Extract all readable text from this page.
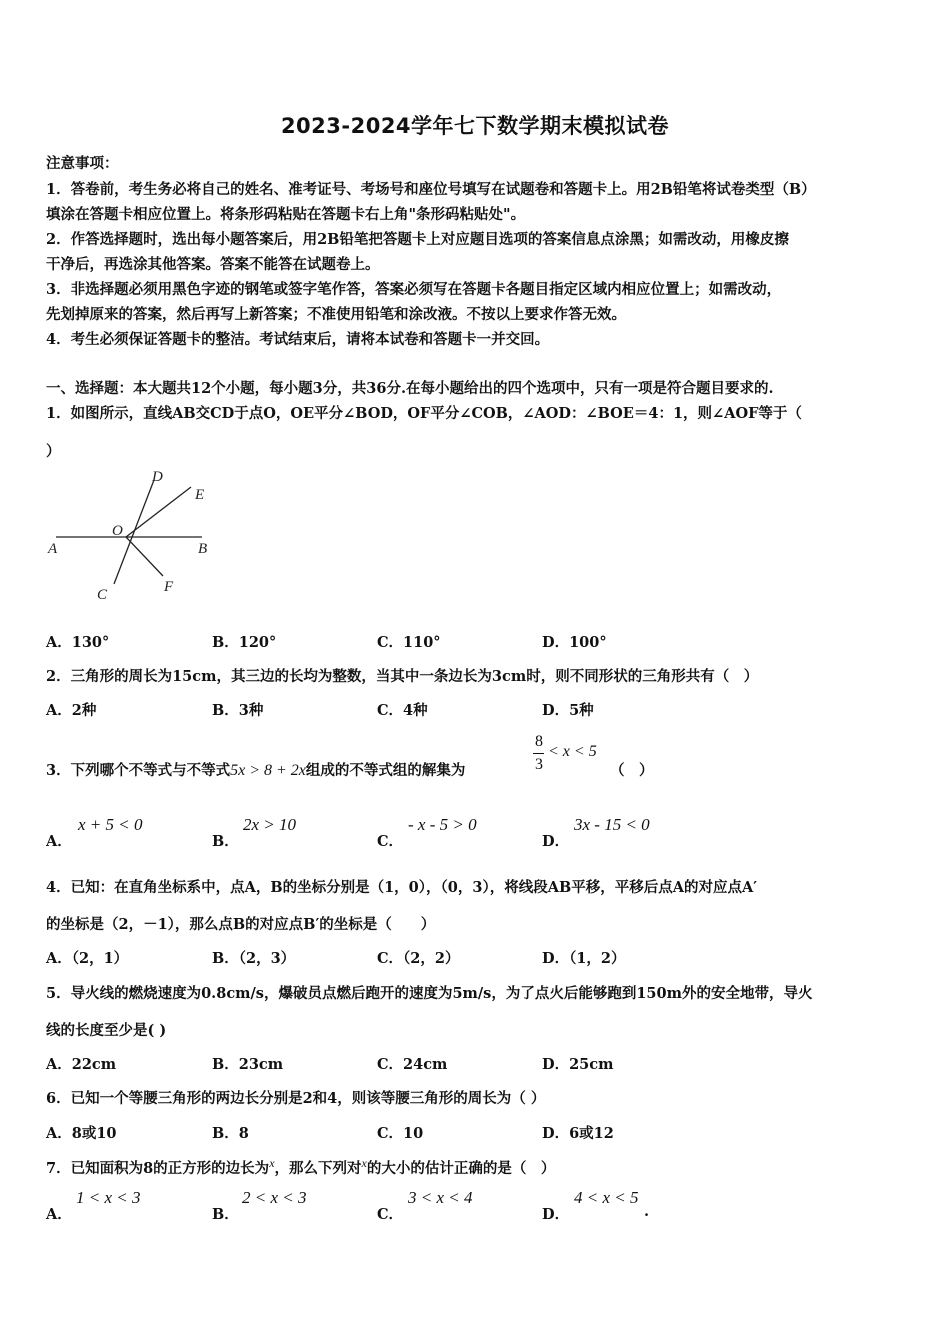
2023-2024学年七下数学期末模拟试卷
注意事项：
1．答卷前，考生务必将自己的姓名、准考证号、考场号和座位号填写在试题卷和答题卡上。用2B铅笔将试卷类型（B）
填涂在答题卡相应位置上。将条形码粘贴在答题卡右上角"条形码粘贴处"。
2．作答选择题时，选出每小题答案后，用2B铅笔把答题卡上对应题目选项的答案信息点涂黑；如需改动，用橡皮擦
干净后，再选涂其他答案。答案不能答在试题卷上。
3．非选择题必须用黑色字迹的钢笔或签字笔作答，答案必须写在答题卡各题目指定区域内相应位置上；如需改动，
先划掉原来的答案，然后再写上新答案；不准使用铅笔和涂改液。不按以上要求作答无效。
4．考生必须保证答题卡的整洁。考试结束后，请将本试卷和答题卡一并交回。
一、选择题：本大题共12个小题，每小题3分，共36分.在每小题给出的四个选项中，只有一项是符合题目要求的.
1．如图所示，直线AB交CD于点O，OE平分∠BOD，OF平分∠COB，∠AOD：∠BOE＝4：1，则∠AOF等于（
）
A	B
C
D
E
F
O
A．130°	B．120°	C．110°	D．100°
2．三角形的周长为15cm，其三边的长均为整数，当其中一条边长为3cm时，则不同形状的三角形共有（　）
A．2种	B．3种	C．4种	D．5种
3．下列哪个不等式与不等式5x > 8 + 2x组成的不等式组的解集为
8
3
< x < 5
（　）
A．
x + 5 < 0
B．
2x > 10
C．
- x - 5 > 0
D．
3x - 15 < 0
4．已知：在直角坐标系中，点A，B的坐标分别是（1，0），（0，3），将线段AB平移，平移后点A的对应点A′
的坐标是（2，－1），那么点B的对应点B′的坐标是（　　）
A．（2，1）	B．（2，3）	C．（2，2）	D．（1，2）
5．导火线的燃烧速度为0.8cm/s，爆破员点燃后跑开的速度为5m/s，为了点火后能够跑到150m外的安全地带，导火
线的长度至少是( )
A．22cm	B．23cm	C．24cm	D．25cm
6．已知一个等腰三角形的两边长分别是2和4，则该等腰三角形的周长为（ ）
A．8或10	B．8	C．10	D．6或12
7．已知面积为8的正方形的边长为$^x$，那么下列对$^x$的大小的估计正确的是（　）
A．
1 < x < 3
B．
2 < x < 3
C．
3 < x < 4
D．
4 < x < 5
.
